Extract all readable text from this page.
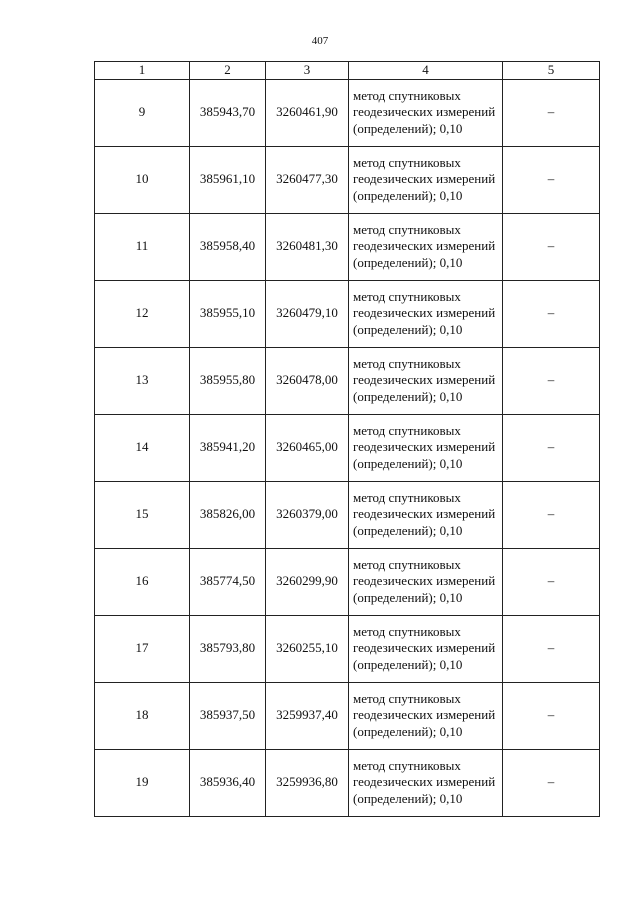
407
1	2	3	4	5
9	385943,70	3260461,90	метод спутниковых геодезических измерений (определений); 0,10	–
10	385961,10	3260477,30	метод спутниковых геодезических измерений (определений); 0,10	–
11	385958,40	3260481,30	метод спутниковых геодезических измерений (определений); 0,10	–
12	385955,10	3260479,10	метод спутниковых геодезических измерений (определений); 0,10	–
13	385955,80	3260478,00	метод спутниковых геодезических измерений (определений); 0,10	–
14	385941,20	3260465,00	метод спутниковых геодезических измерений (определений); 0,10	–
15	385826,00	3260379,00	метод спутниковых геодезических измерений (определений); 0,10	–
16	385774,50	3260299,90	метод спутниковых геодезических измерений (определений); 0,10	–
17	385793,80	3260255,10	метод спутниковых геодезических измерений (определений); 0,10	–
18	385937,50	3259937,40	метод спутниковых геодезических измерений (определений); 0,10	–
19	385936,40	3259936,80	метод спутниковых геодезических измерений (определений); 0,10	–
